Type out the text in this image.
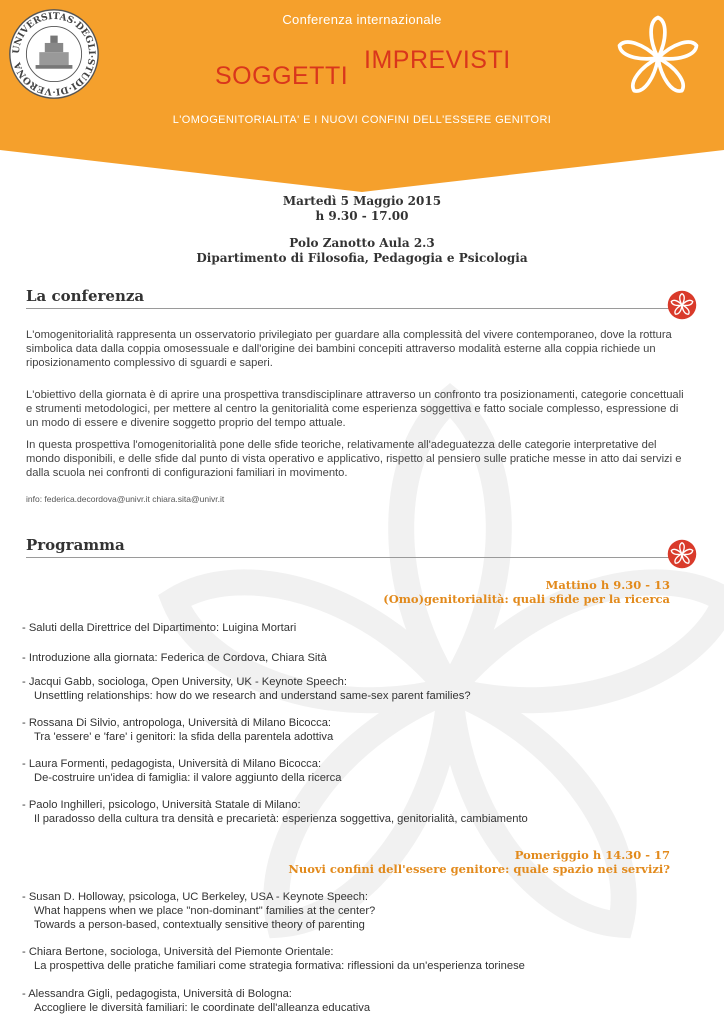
UNIVERSITAS·DEGLI·STUDI·DI·VERONA
Conferenza internazionale
SOGGETTI
IMPREVISTI
L'OMOGENITORIALITA' E I NUOVI CONFINI DELL'ESSERE GENITORI
Martedì 5 Maggio 2015
h 9.30 - 17.00
Polo Zanotto Aula 2.3
Dipartimento di Filosofia, Pedagogia e Psicologia
La conferenza

L'omogenitorialità rappresenta un osservatorio privilegiato per guardare alla complessità del vivere contemporaneo, dove la rottura simbolica data dalla coppia omosessuale e dall'origine dei bambini concepiti attraverso modalità esterne alla coppia richiede un riposizionamento complessivo di sguardi e saperi.

L'obiettivo della giornata è di aprire una prospettiva transdisciplinare attraverso un confronto tra posizionamenti, categorie concettuali e strumenti metodologici, per mettere al centro la genitorialità come esperienza soggettiva e fatto sociale complesso, espressione di un modo di essere e divenire soggetto proprio del tempo attuale.

In questa prospettiva l'omogenitorialità pone delle sfide teoriche, relativamente all'adeguatezza delle categorie interpretative del mondo disponibili, e delle sfide dal punto di vista operativo e applicativo, rispetto al pensiero sulle pratiche messe in atto dai servizi e dalla scuola nei confronti di configurazioni familiari in movimento.

info: federica.decordova@univr.it chiara.sita@univr.it
Programma
Mattino h 9.30 - 13
(Omo)genitorialità: quali sfide per la ricerca
- Saluti della Direttrice del Dipartimento: Luigina Mortari
- Introduzione alla giornata: Federica de Cordova, Chiara Sità
- Jacqui Gabb, sociologa, Open University, UK - Keynote Speech:
Unsettling relationships: how do we research and understand same-sex parent families?
- Rossana Di Silvio, antropologa, Università di Milano Bicocca:
Tra 'essere' e 'fare' i genitori: la sfida della parentela adottiva
- Laura Formenti, pedagogista, Università di Milano Bicocca:
De-costruire un'idea di famiglia: il valore aggiunto della ricerca
- Paolo Inghilleri, psicologo, Università Statale di Milano:
Il paradosso della cultura tra densità e precarietà: esperienza soggettiva, genitorialità, cambiamento
Pomeriggio h 14.30 - 17
Nuovi confini dell'essere genitore: quale spazio nei servizi?
- Susan D. Holloway, psicologa, UC Berkeley, USA - Keynote Speech:
What happens when we place "non-dominant" families at the center?
Towards a person-based, contextually sensitive theory of parenting
- Chiara Bertone, sociologa, Università del Piemonte Orientale:
La prospettiva delle pratiche familiari come strategia formativa: riflessioni da un'esperienza torinese
- Alessandra Gigli, pedagogista, Università di Bologna:
Accogliere le diversità familiari: le coordinate dell'alleanza educativa
